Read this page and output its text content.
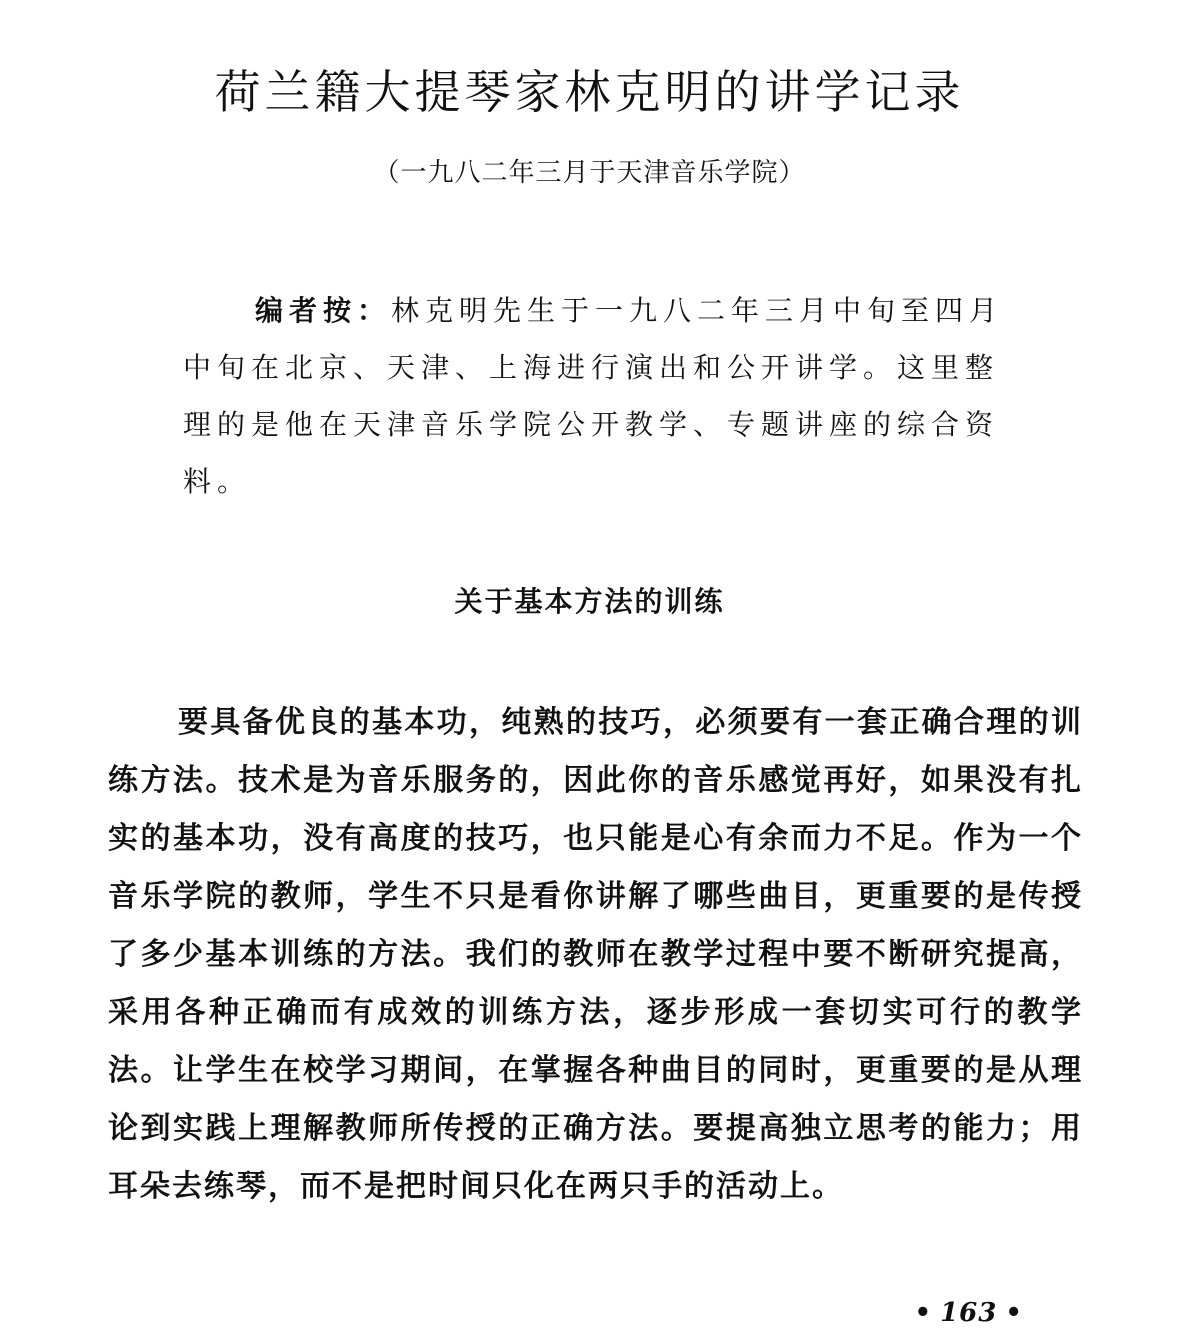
荷兰籍大提琴家林克明的讲学记录

（一九八二年三月于天津音乐学院）

编者按：林克明先生于一九八二年三月中旬至四月中旬在北京、天津、上海进行演出和公开讲学。这里整理的是他在天津音乐学院公开教学、专题讲座的综合资料。

关于基本方法的训练

要具备优良的基本功，纯熟的技巧，必须要有一套正确合理的训练方法。技术是为音乐服务的，因此你的音乐感觉再好，如果没有扎实的基本功，没有高度的技巧，也只能是心有余而力不足。作为一个音乐学院的教师，学生不只是看你讲解了哪些曲目，更重要的是传授了多少基本训练的方法。我们的教师在教学过程中要不断研究提高，采用各种正确而有成效的训练方法，逐步形成一套切实可行的教学法。让学生在校学习期间，在掌握各种曲目的同时，更重要的是从理论到实践上理解教师所传授的正确方法。要提高独立思考的能力；用耳朵去练琴，而不是把时间只化在两只手的活动上。

• 163 •
